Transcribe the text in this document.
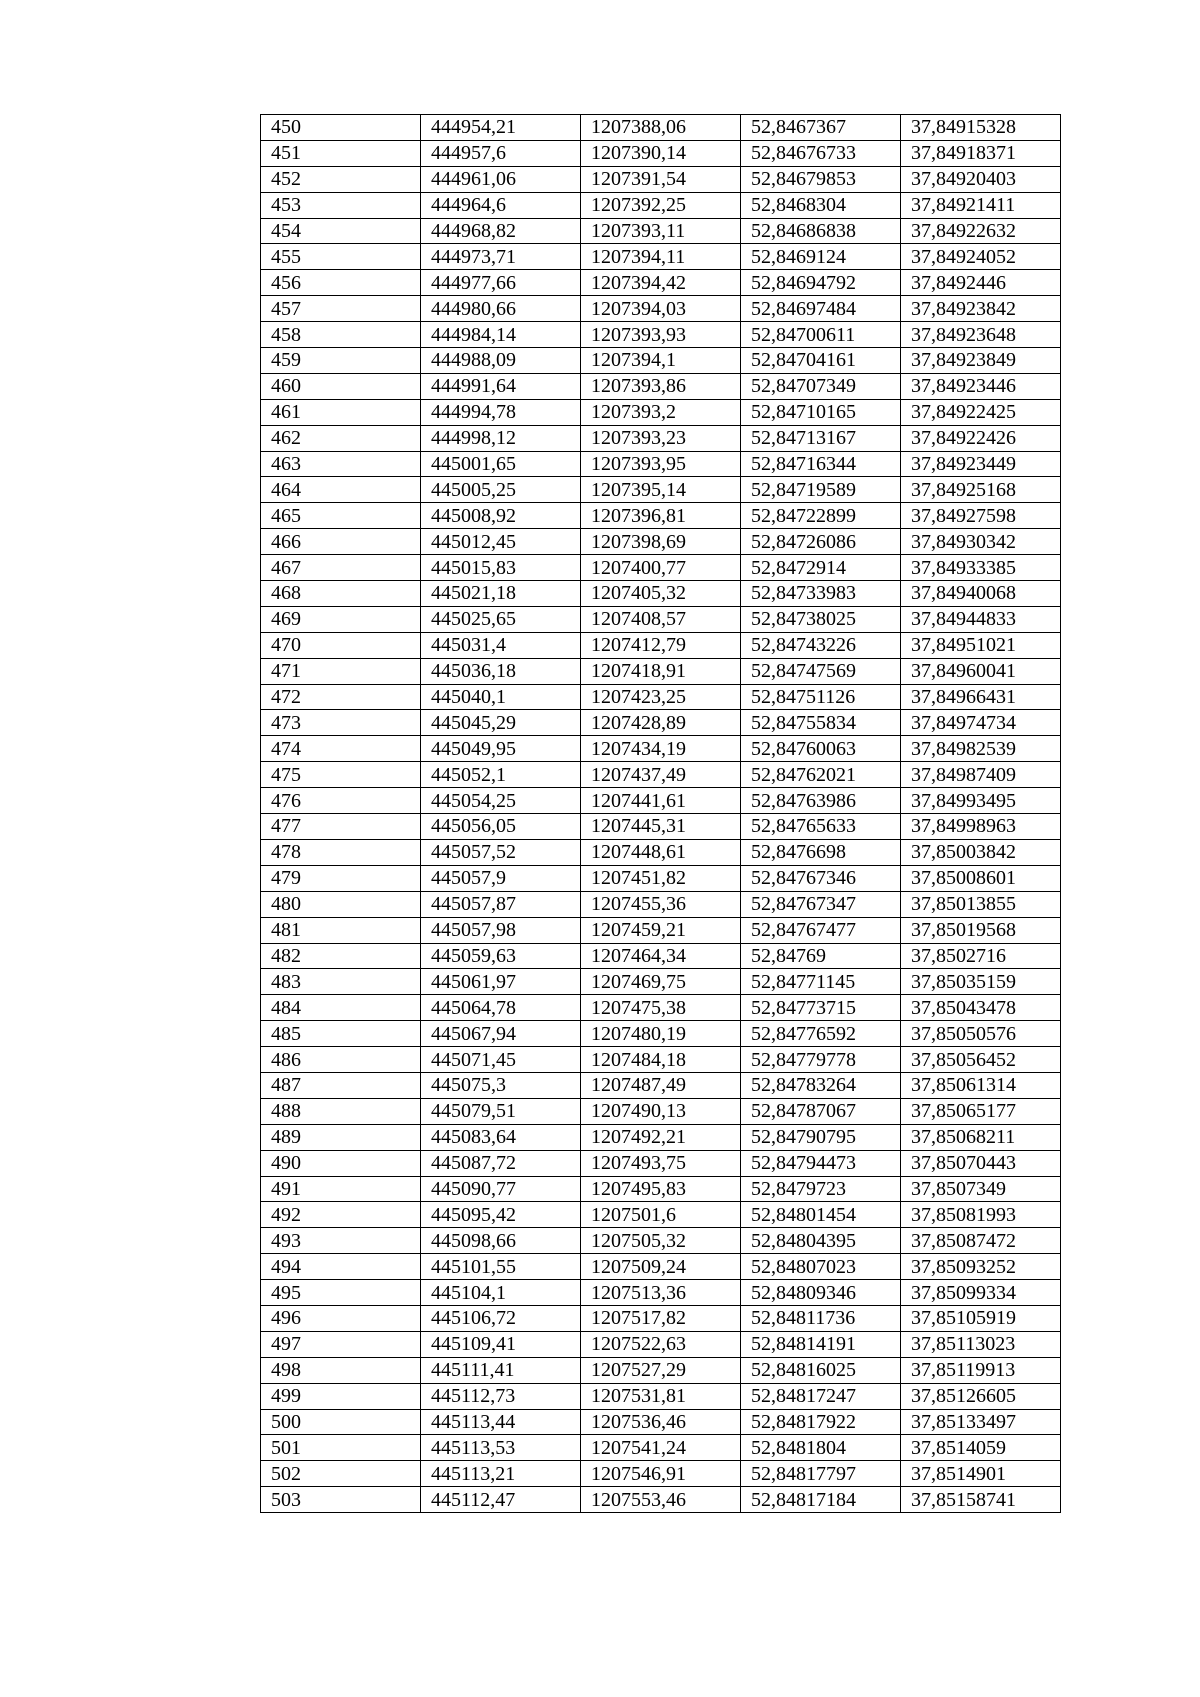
450	444954,21	1207388,06	52,8467367	37,84915328
451	444957,6	1207390,14	52,84676733	37,84918371
452	444961,06	1207391,54	52,84679853	37,84920403
453	444964,6	1207392,25	52,8468304	37,84921411
454	444968,82	1207393,11	52,84686838	37,84922632
455	444973,71	1207394,11	52,8469124	37,84924052
456	444977,66	1207394,42	52,84694792	37,8492446
457	444980,66	1207394,03	52,84697484	37,84923842
458	444984,14	1207393,93	52,84700611	37,84923648
459	444988,09	1207394,1	52,84704161	37,84923849
460	444991,64	1207393,86	52,84707349	37,84923446
461	444994,78	1207393,2	52,84710165	37,84922425
462	444998,12	1207393,23	52,84713167	37,84922426
463	445001,65	1207393,95	52,84716344	37,84923449
464	445005,25	1207395,14	52,84719589	37,84925168
465	445008,92	1207396,81	52,84722899	37,84927598
466	445012,45	1207398,69	52,84726086	37,84930342
467	445015,83	1207400,77	52,8472914	37,84933385
468	445021,18	1207405,32	52,84733983	37,84940068
469	445025,65	1207408,57	52,84738025	37,84944833
470	445031,4	1207412,79	52,84743226	37,84951021
471	445036,18	1207418,91	52,84747569	37,84960041
472	445040,1	1207423,25	52,84751126	37,84966431
473	445045,29	1207428,89	52,84755834	37,84974734
474	445049,95	1207434,19	52,84760063	37,84982539
475	445052,1	1207437,49	52,84762021	37,84987409
476	445054,25	1207441,61	52,84763986	37,84993495
477	445056,05	1207445,31	52,84765633	37,84998963
478	445057,52	1207448,61	52,8476698	37,85003842
479	445057,9	1207451,82	52,84767346	37,85008601
480	445057,87	1207455,36	52,84767347	37,85013855
481	445057,98	1207459,21	52,84767477	37,85019568
482	445059,63	1207464,34	52,84769	37,8502716
483	445061,97	1207469,75	52,84771145	37,85035159
484	445064,78	1207475,38	52,84773715	37,85043478
485	445067,94	1207480,19	52,84776592	37,85050576
486	445071,45	1207484,18	52,84779778	37,85056452
487	445075,3	1207487,49	52,84783264	37,85061314
488	445079,51	1207490,13	52,84787067	37,85065177
489	445083,64	1207492,21	52,84790795	37,85068211
490	445087,72	1207493,75	52,84794473	37,85070443
491	445090,77	1207495,83	52,8479723	37,8507349
492	445095,42	1207501,6	52,84801454	37,85081993
493	445098,66	1207505,32	52,84804395	37,85087472
494	445101,55	1207509,24	52,84807023	37,85093252
495	445104,1	1207513,36	52,84809346	37,85099334
496	445106,72	1207517,82	52,84811736	37,85105919
497	445109,41	1207522,63	52,84814191	37,85113023
498	445111,41	1207527,29	52,84816025	37,85119913
499	445112,73	1207531,81	52,84817247	37,85126605
500	445113,44	1207536,46	52,84817922	37,85133497
501	445113,53	1207541,24	52,8481804	37,8514059
502	445113,21	1207546,91	52,84817797	37,8514901
503	445112,47	1207553,46	52,84817184	37,85158741
